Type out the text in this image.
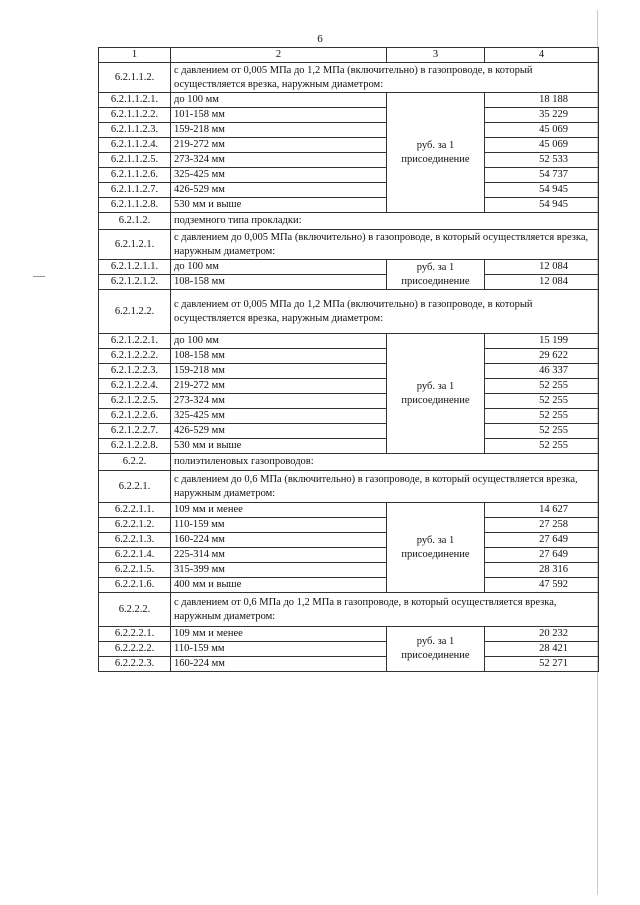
6
1	2	3	4
6.2.1.1.2.	с давлением от 0,005 МПа до 1,2 МПа (включительно) в газопроводе, в который осуществляется врезка, наружным диаметром:		
6.2.1.1.2.1.	до 100 мм	руб. за 1 присоединение	18 188
6.2.1.1.2.2.	101-158 мм		35 229
6.2.1.1.2.3.	159-218 мм		45 069
6.2.1.1.2.4.	219-272 мм		45 069
6.2.1.1.2.5.	273-324 мм		52 533
6.2.1.1.2.6.	325-425 мм		54 737
6.2.1.1.2.7.	426-529 мм		54 945
6.2.1.1.2.8.	530 мм и выше		54 945
6.2.1.2.	подземного типа прокладки:		
6.2.1.2.1.	с давлением до 0,005 МПа (включительно) в газопроводе, в который осуществляется врезка, наружным диаметром:		
6.2.1.2.1.1.	до 100 мм	руб. за 1 присоединение	12 084
6.2.1.2.1.2.	108-158 мм		12 084
6.2.1.2.2.	с давлением от 0,005 МПа до 1,2 МПа (включительно) в газопроводе, в который осуществляется врезка, наружным диаметром:		
6.2.1.2.2.1.	до 100 мм	руб. за 1 присоединение	15 199
6.2.1.2.2.2.	108-158 мм		29 622
6.2.1.2.2.3.	159-218 мм		46 337
6.2.1.2.2.4.	219-272 мм		52 255
6.2.1.2.2.5.	273-324 мм		52 255
6.2.1.2.2.6.	325-425 мм		52 255
6.2.1.2.2.7.	426-529 мм		52 255
6.2.1.2.2.8.	530 мм и выше		52 255
6.2.2.	полиэтиленовых газопроводов:		
6.2.2.1.	с давлением до 0,6 МПа (включительно) в газопроводе, в который осуществляется врезка, наружным диаметром:		
6.2.2.1.1.	109 мм и менее	руб. за 1 присоединение	14 627
6.2.2.1.2.	110-159 мм		27 258
6.2.2.1.3.	160-224 мм		27 649
6.2.2.1.4.	225-314 мм		27 649
6.2.2.1.5.	315-399 мм		28 316
6.2.2.1.6.	400 мм и выше		47 592
6.2.2.2.	с давлением от 0,6 МПа до 1,2 МПа в газопроводе, в который осуществляется врезка, наружным диаметром:		
6.2.2.2.1.	109 мм и менее	руб. за 1 присоединение	20 232
6.2.2.2.2.	110-159 мм		28 421
6.2.2.2.3.	160-224 мм		52 271
